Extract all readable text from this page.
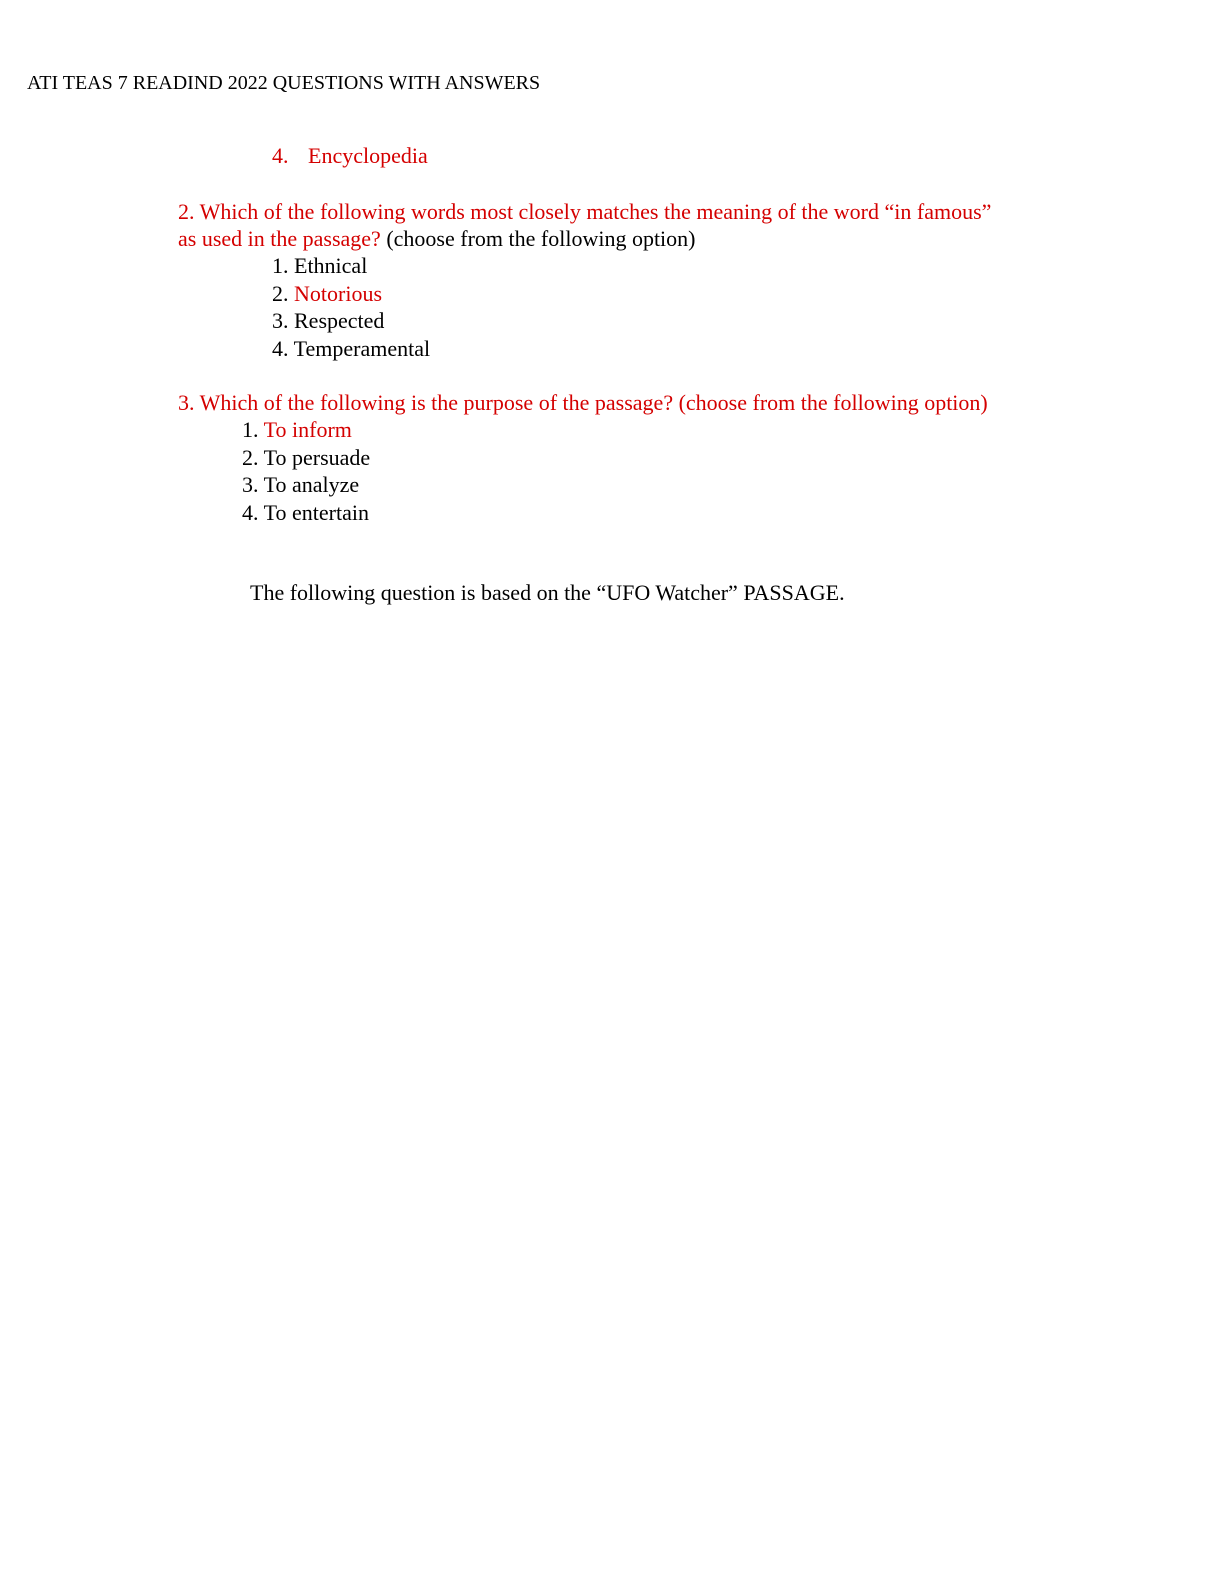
ATI TEAS 7 READIND 2022 QUESTIONS WITH ANSWERS
4. Encyclopedia
2. Which of the following words most closely matches the meaning of the word “in famous” as used in the passage? (choose from the following option)
1. Ethnical
2. Notorious
3. Respected
4. Temperamental
3. Which of the following is the purpose of the passage? (choose from the following option)
1. To inform
2. To persuade
3. To analyze
4. To entertain
The following question is based on the “UFO Watcher” PASSAGE.
